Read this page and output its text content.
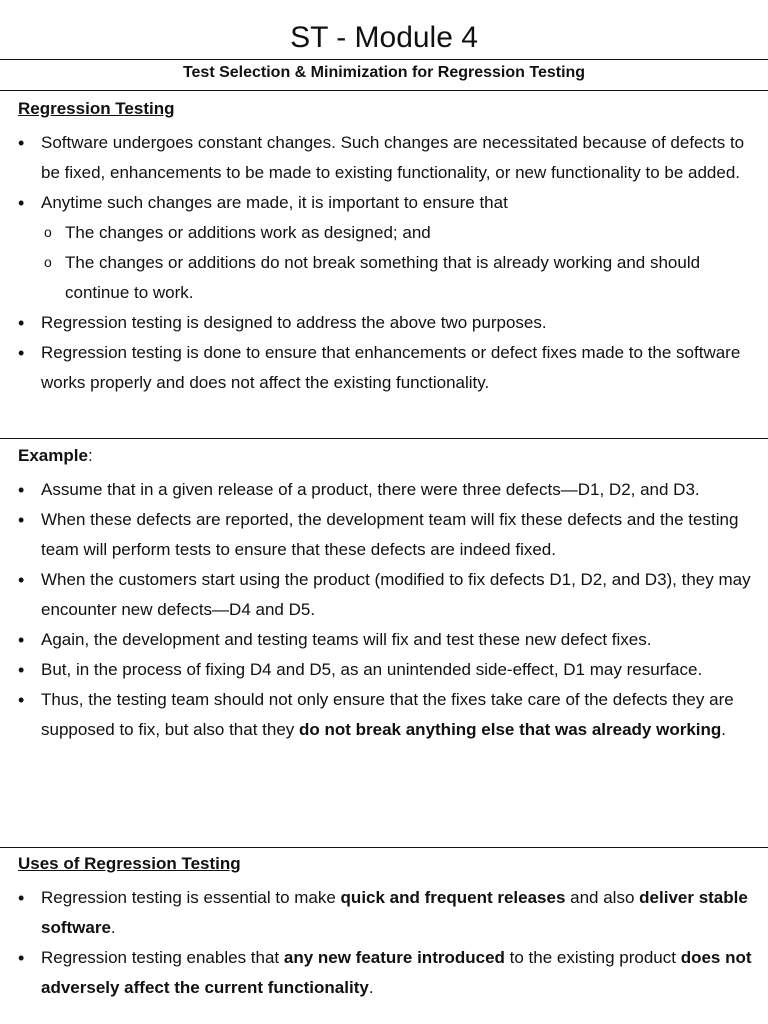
ST - Module 4
Test Selection & Minimization for Regression Testing

Regression Testing

• Software undergoes constant changes. Such changes are necessitated because of defects to be fixed, enhancements to be made to existing functionality, or new functionality to be added.
• Anytime such changes are made, it is important to ensure that
o The changes or additions work as designed; and
o The changes or additions do not break something that is already working and should continue to work.
• Regression testing is designed to address the above two purposes.
• Regression testing is done to ensure that enhancements or defect fixes made to the software works properly and does not affect the existing functionality.

Example:

• Assume that in a given release of a product, there were three defects—D1, D2, and D3.
• When these defects are reported, the development team will fix these defects and the testing team will perform tests to ensure that these defects are indeed fixed.
• When the customers start using the product (modified to fix defects D1, D2, and D3), they may encounter new defects—D4 and D5.
• Again, the development and testing teams will fix and test these new defect fixes.
• But, in the process of fixing D4 and D5, as an unintended side-effect, D1 may resurface.
• Thus, the testing team should not only ensure that the fixes take care of the defects they are supposed to fix, but also that they do not break anything else that was already working.

Uses of Regression Testing

• Regression testing is essential to make quick and frequent releases and also deliver stable software.
• Regression testing enables that any new feature introduced to the existing product does not adversely affect the current functionality.
